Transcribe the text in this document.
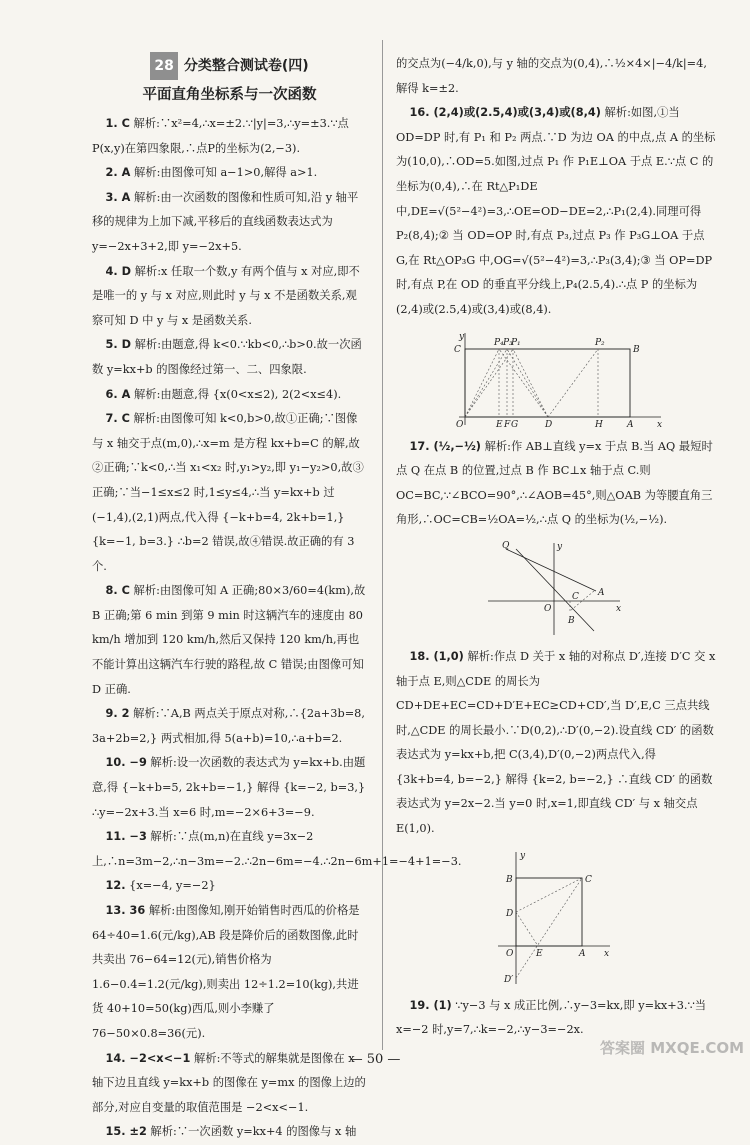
28 分类整合测试卷(四)
平面直角坐标系与一次函数

1. C 解析:∵x²=4,∴x=±2.∵|y|=3,∴y=±3.∵点P(x,y)在第四象限,∴点P的坐标为(2,−3).

2. A 解析:由图像可知 a−1>0,解得 a>1.

3. A 解析:由一次函数的图像和性质可知,沿 y 轴平移的规律为上加下减,平移后的直线函数表达式为 y=−2x+3+2,即 y=−2x+5.

4. D 解析:x 任取一个数,y 有两个值与 x 对应,即不是唯一的 y 与 x 对应,则此时 y 与 x 不是函数关系,观察可知 D 中 y 与 x 是函数关系.

5. D 解析:由题意,得 k<0.∵kb<0,∴b>0.故一次函数 y=kx+b 的图像经过第一、二、四象限.

6. A 解析:由题意,得 {x(0<x≤2), 2(2<x≤4).

7. C 解析:由图像可知 k<0,b>0,故①正确;∵图像与 x 轴交于点(m,0),∴x=m 是方程 kx+b=C 的解,故②正确;∵k<0,∴当 x₁<x₂ 时,y₁>y₂,即 y₁−y₂>0,故③正确;∵当−1≤x≤2 时,1≤y≤4,∴当 y=kx+b 过(−1,4),(2,1)两点,代入得 {−k+b=4, 2k+b=1,} {k=−1, b=3.} ∴b=2 错误,故④错误.故正确的有 3 个.

8. C 解析:由图像可知 A 正确;80×3/60=4(km),故 B 正确;第 6 min 到第 9 min 时这辆汽车的速度由 80 km/h 增加到 120 km/h,然后又保持 120 km/h,再也不能计算出这辆汽车行驶的路程,故 C 错误;由图像可知 D 正确.

9. 2 解析:∵A,B 两点关于原点对称,∴{2a+3b=8, 3a+2b=2,} 两式相加,得 5(a+b)=10,∴a+b=2.

10. −9 解析:设一次函数的表达式为 y=kx+b.由题意,得 {−k+b=5, 2k+b=−1,} 解得 {k=−2, b=3,} ∴y=−2x+3.当 x=6 时,m=−2×6+3=−9.

11. −3 解析:∵点(m,n)在直线 y=3x−2 上,∴n=3m−2,∴n−3m=−2.∴2n−6m=−4.∴2n−6m+1=−4+1=−3.

12. {x=−4, y=−2}

13. 36 解析:由图像知,刚开始销售时西瓜的价格是 64÷40=1.6(元/kg),AB 段是降价后的函数图像,此时共卖出 76−64=12(元),销售价格为 1.6−0.4=1.2(元/kg),则卖出 12÷1.2=10(kg),共进货 40+10=50(kg)西瓜,则小李赚了 76−50×0.8=36(元).

14. −2<x<−1 解析:不等式的解集就是图像在 x 轴下边且直线 y=kx+b 的图像在 y=mx 的图像上边的部分,对应自变量的取值范围是 −2<x<−1.

15. ±2 解析:∵一次函数 y=kx+4 的图像与 x 轴

的交点为(−4/k,0),与 y 轴的交点为(0,4),∴½×4×|−4/k|=4,解得 k=±2.

16. (2,4)或(2.5,4)或(3,4)或(8,4) 解析:如图,①当OD=DP 时,有 P₁ 和 P₂ 两点.∵D 为边 OA 的中点,点 A 的坐标为(10,0),∴OD=5.如图,过点 P₁ 作 P₁E⊥OA 于点 E.∵点 C 的坐标为(0,4),∴在 Rt△P₁DE 中,DE=√(5²−4²)=3,∴OE=OD−DE=2,∴P₁(2,4).同理可得 P₂(8,4);② 当 OD=OP 时,有点 P₃,过点 P₃ 作 P₃G⊥OA 于点 G,在 Rt△OP₃G 中,OG=√(5²−4²)=3,∴P₃(3,4);③ 当 OP=DP 时,有点 P,在 OD 的垂直平分线上,P₄(2.5,4).∴点 P 的坐标为(2,4)或(2.5,4)或(3,4)或(8,4).

y
x
C	B
O	A
D	H
E F G
P₄ P₃
P₁	P₂

17. (½,−½) 解析:作 AB⊥直线 y=x 于点 B.当 AQ 最短时点 Q 在点 B 的位置,过点 B 作 BC⊥x 轴于点 C.则 OC=BC,∵∠BCO=90°,∴∠AOB=45°,则△OAB 为等腰直角三角形,∴OC=CB=½OA=½,∴点 Q 的坐标为(½,−½).

Q	y
O
C A
B
x

18. (1,0) 解析:作点 D 关于 x 轴的对称点 D′,连接 D′C 交 x 轴于点 E,则△CDE 的周长为 CD+DE+EC=CD+D′E+EC≥CD+CD′,当 D′,E,C 三点共线时,△CDE 的周长最小.∵D(0,2),∴D′(0,−2).设直线 CD′ 的函数表达式为 y=kx+b,把 C(3,4),D′(0,−2)两点代入,得 {3k+b=4, b=−2,} 解得 {k=2, b=−2,} ∴直线 CD′ 的函数表达式为 y=2x−2.当 y=0 时,x=1,即直线 CD′ 与 x 轴交点 E(1,0).

y
B	C
D
O	E	A x
D′

19. (1) ∵y−3 与 x 成正比例,∴y−3=kx,即 y=kx+3.∵当 x=−2 时,y=7,∴k=−2,∴y−3=−2x.

— 50 —
答案圈 MXQE.COM
